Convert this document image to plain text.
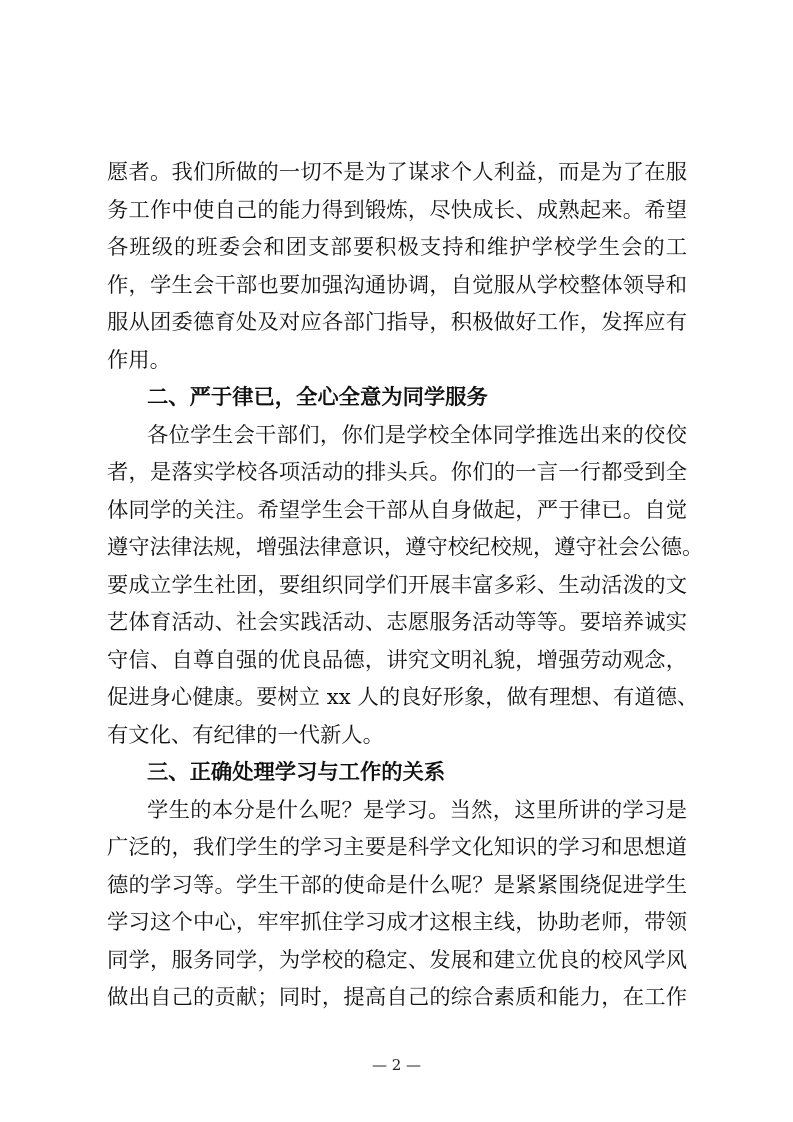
愿者。我们所做的一切不是为了谋求个人利益，而是为了在服
务工作中使自己的能力得到锻炼，尽快成长、成熟起来。希望
各班级的班委会和团支部要积极支持和维护学校学生会的工
作，学生会干部也要加强沟通协调，自觉服从学校整体领导和
服从团委德育处及对应各部门指导，积极做好工作，发挥应有
作用。
二、严于律已，全心全意为同学服务
各位学生会干部们，你们是学校全体同学推选出来的佼佼
者，是落实学校各项活动的排头兵。你们的一言一行都受到全
体同学的关注。希望学生会干部从自身做起，严于律已。自觉
遵守法律法规，增强法律意识，遵守校纪校规，遵守社会公德。
要成立学生社团，要组织同学们开展丰富多彩、生动活泼的文
艺体育活动、社会实践活动、志愿服务活动等等。要培养诚实
守信、自尊自强的优良品德，讲究文明礼貌，增强劳动观念，
促进身心健康。要树立 xx 人的良好形象，做有理想、有道德、
有文化、有纪律的一代新人。
三、正确处理学习与工作的关系
学生的本分是什么呢？是学习。当然，这里所讲的学习是
广泛的，我们学生的学习主要是科学文化知识的学习和思想道
德的学习等。学生干部的使命是什么呢？是紧紧围绕促进学生
学习这个中心，牢牢抓住学习成才这根主线，协助老师，带领
同学，服务同学，为学校的稳定、发展和建立优良的校风学风
做出自己的贡献；同时，提高自己的综合素质和能力，在工作
— 2 —
